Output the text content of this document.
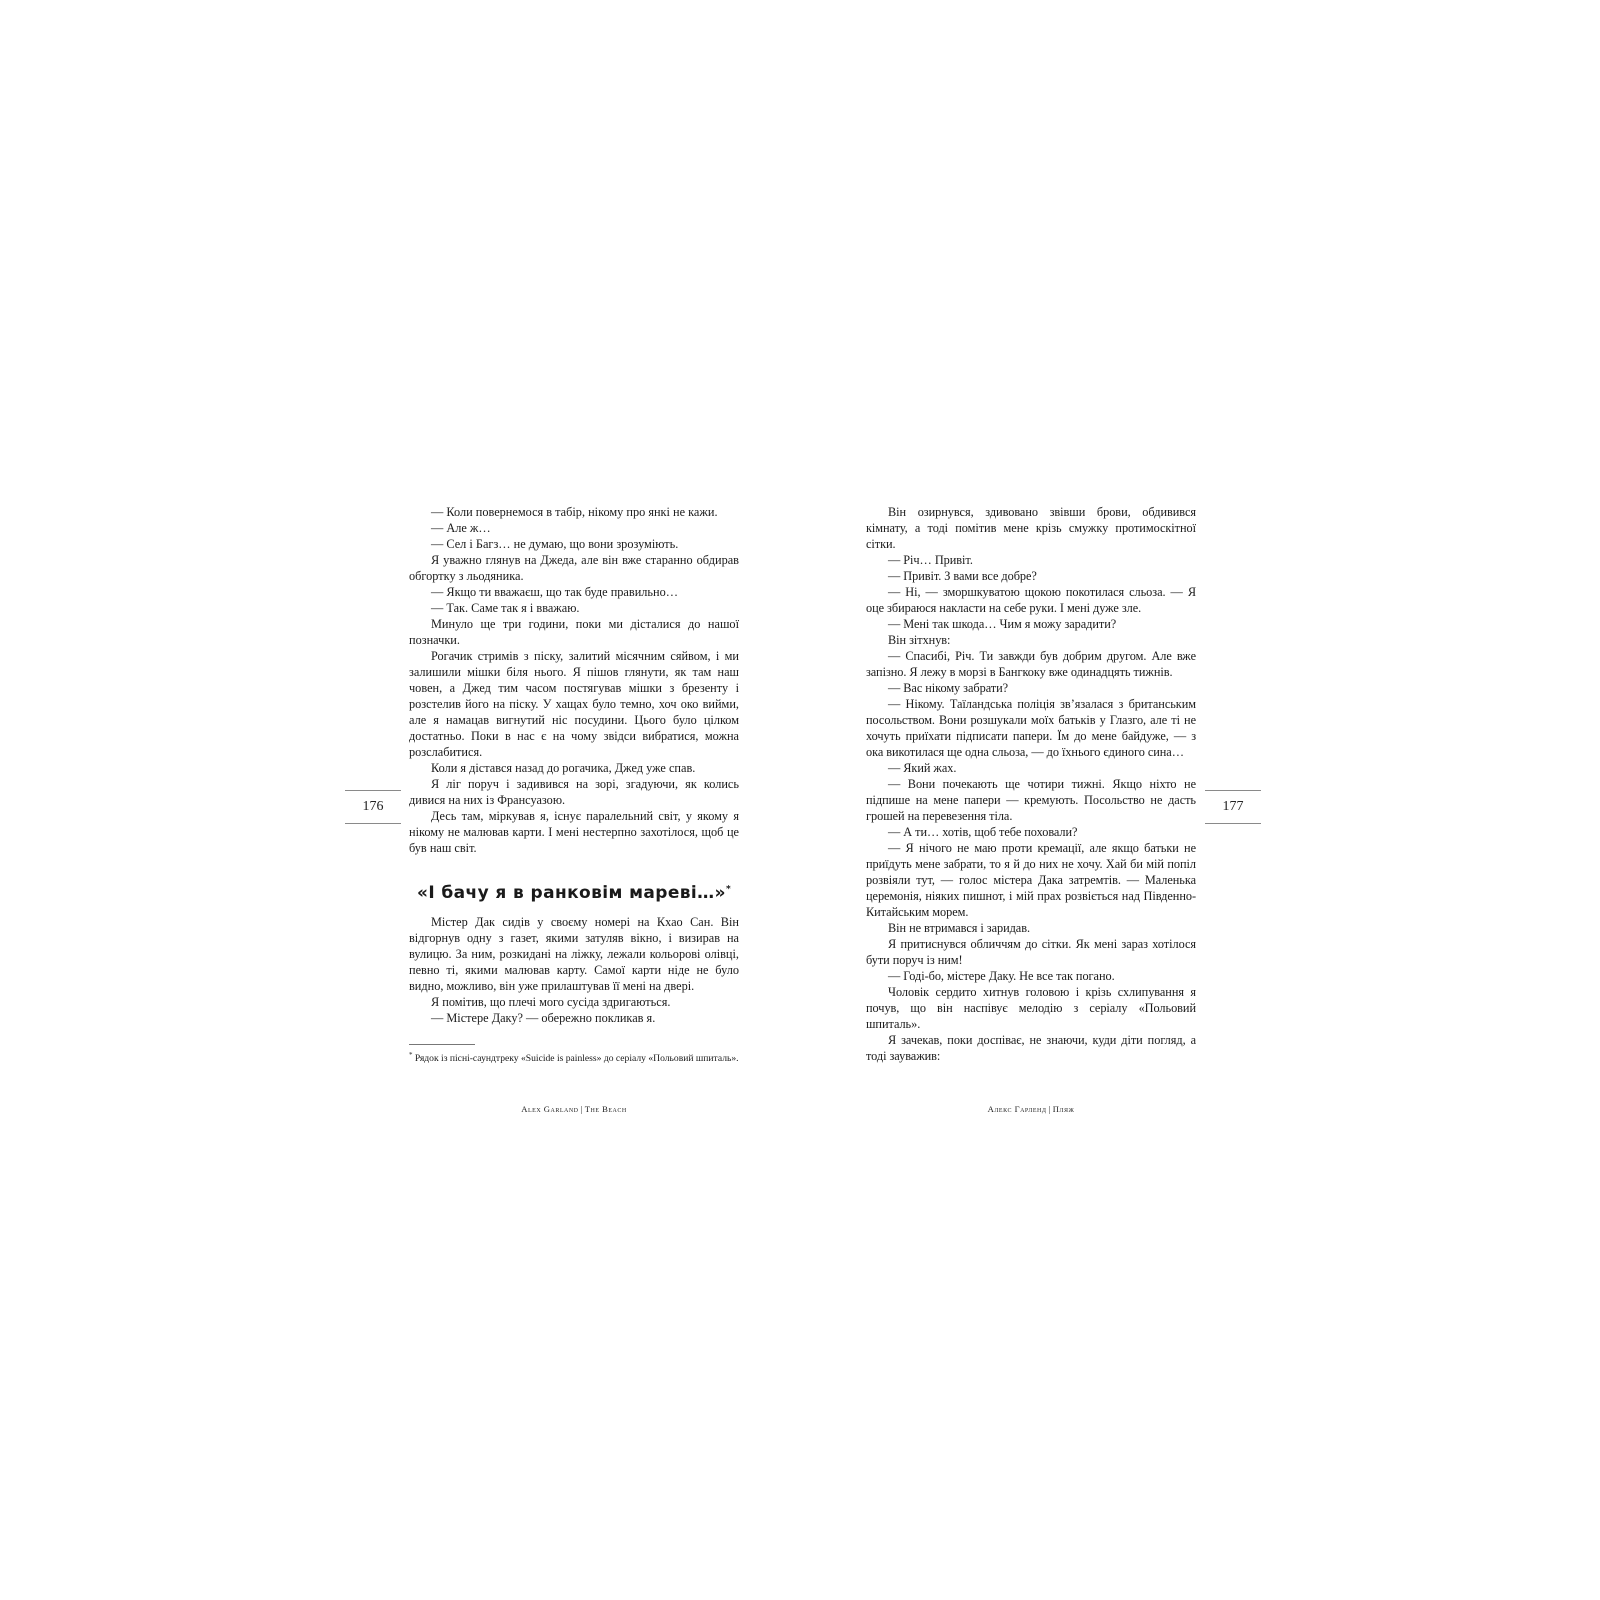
— Коли повернемося в табір, нікому про янкі не кажи.

— Але ж…

— Сел і Багз… не думаю, що вони зрозуміють.

Я уважно глянув на Джеда, але він вже старанно обдирав обгортку з льодяника.

— Якщо ти вважаєш, що так буде правильно…

— Так. Саме так я і вважаю.

Минуло ще три години, поки ми дісталися до нашої позначки.

Рогачик стримів з піску, залитий місячним сяйвом, і ми залишили мішки біля нього. Я пішов глянути, як там наш човен, а Джед тим часом постягував мішки з брезенту і розстелив його на піску. У хащах було темно, хоч око вийми, але я намацав вигнутий ніс посудини. Цього було цілком достатньо. Поки в нас є на чому звідси вибратися, можна розслабитися.

Коли я дістався назад до рогачика, Джед уже спав.

Я ліг поруч і задивився на зорі, згадуючи, як колись дивися на них із Франсуазою.

Десь там, міркував я, існує паралельний світ, у якому я нікому не малював карти. І мені нестерпно захотілося, щоб це був наш світ.

«І бачу я в ранковім мареві…»*

Містер Дак сидів у своєму номері на Кхао Сан. Він відгорнув одну з газет, якими затуляв вікно, і визирав на вулицю. За ним, розкидані на ліжку, лежали кольорові олівці, певно ті, якими малював карту. Самої карти ніде не було видно, можливо, він уже прилаштував її мені на двері.

Я помітив, що плечі мого сусіда здригаються.

— Містере Даку? — обережно покликав я.

* Рядок із пісні-саундтреку «Suicide is painless» до серіалу «Польовий шпиталь».

Alex Garland | The Beach
176

Він озирнувся, здивовано звівши брови, обдивився кімнату, а тоді помітив мене крізь смужку протимоскітної сітки.

— Річ… Привіт.

— Привіт. З вами все добре?

— Ні, — зморшкуватою щокою покотилася сльоза. — Я оце збираюся накласти на себе руки. І мені дуже зле.

— Мені так шкода… Чим я можу зарадити?

Він зітхнув:

— Спасибі, Річ. Ти завжди був добрим другом. Але вже запізно. Я лежу в морзі в Бангкоку вже одинадцять тижнів.

— Вас нікому забрати?

— Нікому. Таїландська поліція зв’язалася з британським посольством. Вони розшукали моїх батьків у Глазго, але ті не хочуть приїхати підписати папери. Їм до мене байдуже, — з ока викотилася ще одна сльоза, — до їхнього єдиного сина…

— Який жах.

— Вони почекають ще чотири тижні. Якщо ніхто не підпише на мене папери — кремують. Посольство не дасть грошей на перевезення тіла.

— А ти… хотів, щоб тебе поховали?

— Я нічого не маю проти кремації, але якщо батьки не приїдуть мене забрати, то я й до них не хочу. Хай би мій попіл розвіяли тут, — голос містера Дака затремтів. — Маленька церемонія, ніяких пишнот, і мій прах розвіється над Південно-Китайським морем.

Він не втримався і заридав.

Я притиснувся обличчям до сітки. Як мені зараз хотілося бути поруч із ним!

— Годі-бо, містере Даку. Не все так погано.

Чоловік сердито хитнув головою і крізь схлипування я почув, що він наспівує мелодію з серіалу «Польовий шпиталь».

Я зачекав, поки доспіває, не знаючи, куди діти погляд, а тоді зауважив:

Алекс Гарленд | Пляж
177
